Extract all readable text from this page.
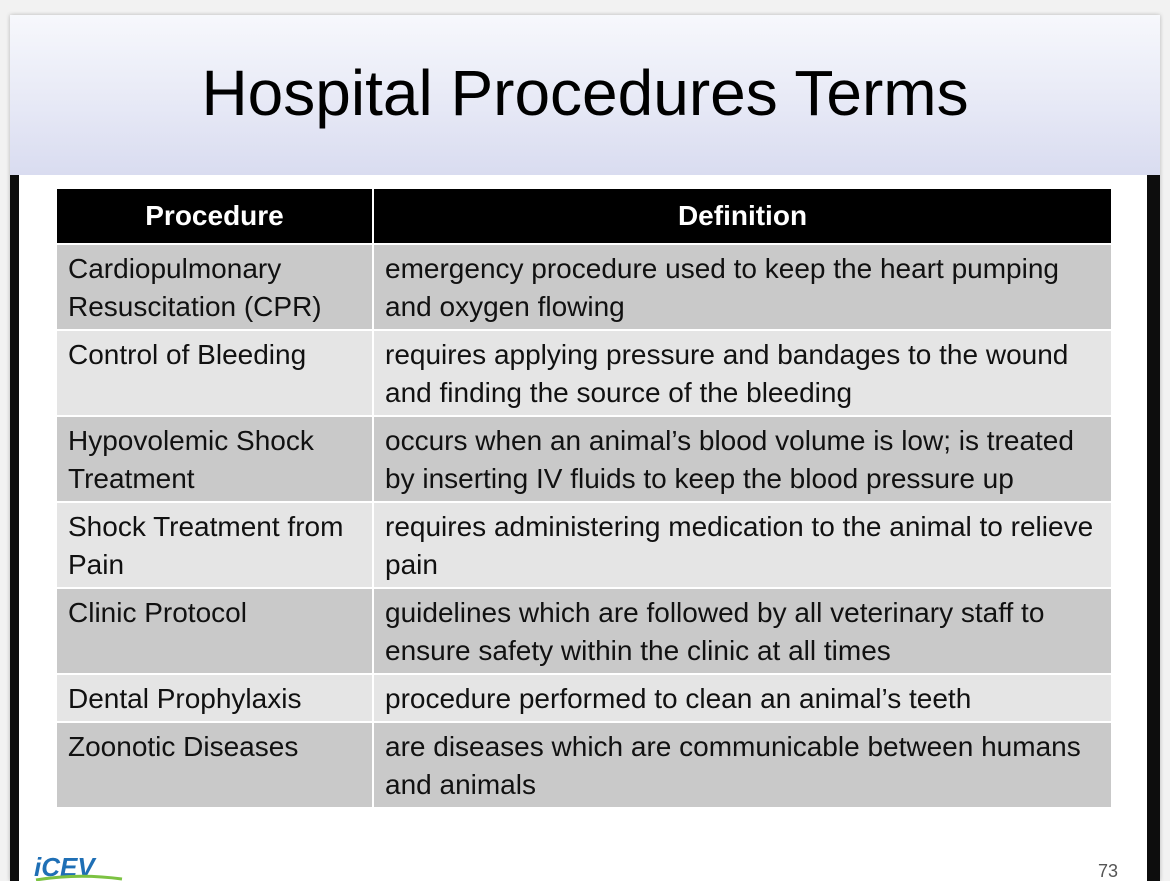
Hospital Procedures Terms
Procedure	Definition
Cardiopulmonary Resuscitation (CPR)	emergency procedure used to keep the heart pumping and oxygen flowing
Control of Bleeding	requires applying pressure and bandages to the wound and finding the source of the bleeding
Hypovolemic Shock Treatment	occurs when an animal’s blood volume is low; is treated by inserting IV fluids to keep the blood pressure up
Shock Treatment from Pain	requires administering medication to the animal to relieve pain
Clinic Protocol	guidelines which are followed by all veterinary staff to ensure safety within the clinic at all times
Dental Prophylaxis	procedure performed to clean an animal’s teeth
Zoonotic Diseases	are diseases which are communicable between humans and animals
iCEV	73
